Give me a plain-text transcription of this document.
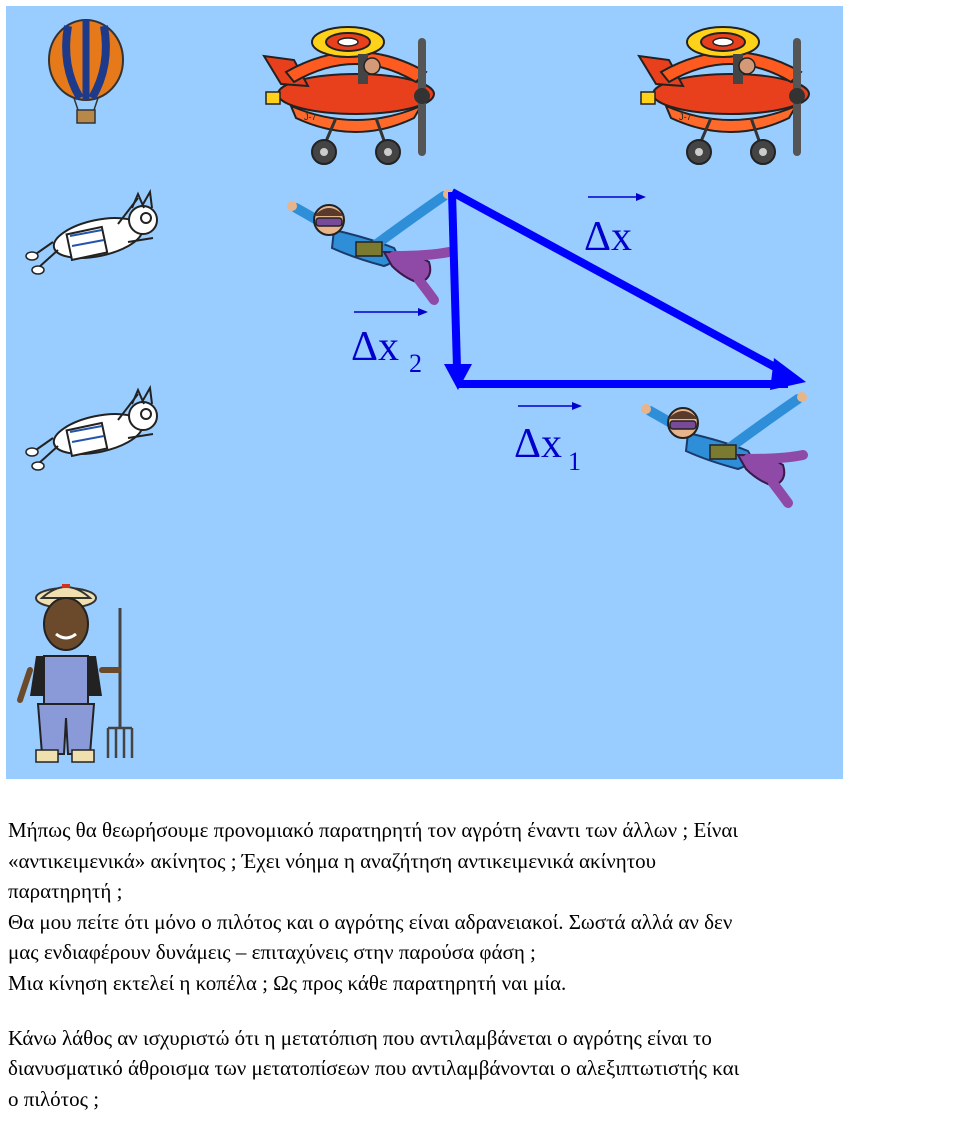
J-7	J-7
Δx
Δx 2
Δx 1

Μήπως θα θεωρήσουμε προνομιακό παρατηρητή τον αγρότη έναντι των άλλων ; Είναι

«αντικειμενικά» ακίνητος ; Έχει νόημα η αναζήτηση αντικειμενικά ακίνητου

παρατηρητή ;

Θα μου πείτε ότι μόνο ο πιλότος και ο αγρότης είναι αδρανειακοί. Σωστά αλλά αν δεν

μας ενδιαφέρουν δυνάμεις – επιταχύνεις στην παρούσα φάση ;

Μια κίνηση εκτελεί η κοπέλα ; Ως προς κάθε παρατηρητή ναι μία.

Κάνω λάθος αν ισχυριστώ ότι η μετατόπιση που αντιλαμβάνεται ο αγρότης είναι το

διανυσματικό άθροισμα των μετατοπίσεων που αντιλαμβάνονται ο αλεξιπτωτιστής και

ο πιλότος ;
